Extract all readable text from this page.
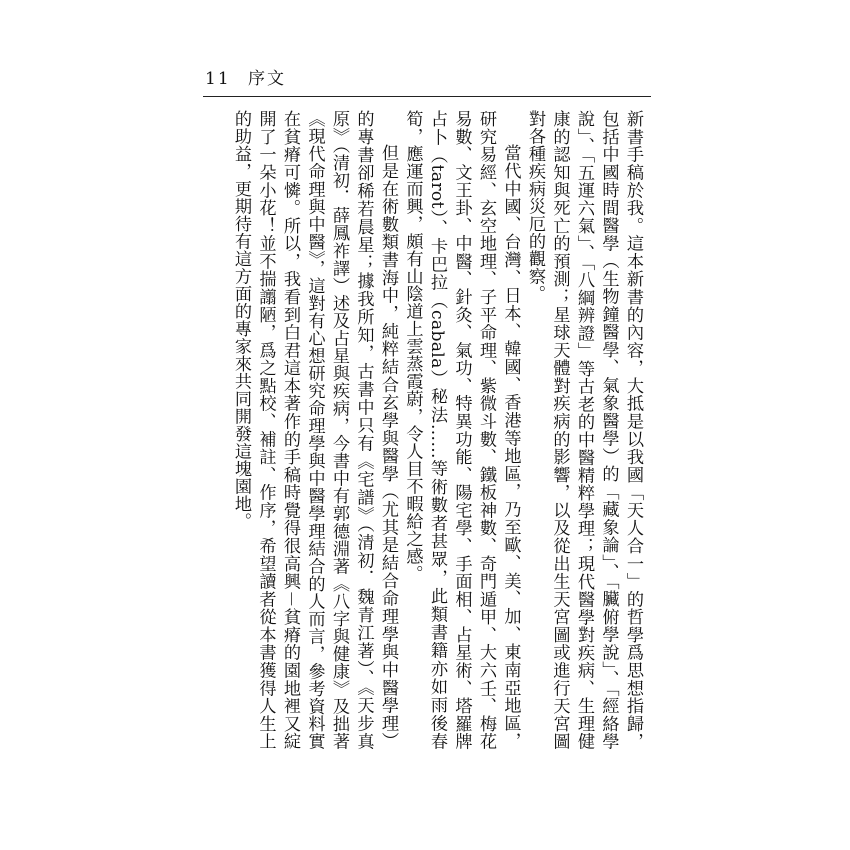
11 序文

新書手稿於我。這本新書的內容，大抵是以我國「天人合一」的哲學爲思想指歸，包括中國時間醫學（生物鐘醫學、氣象醫學）的「藏象論」、「臟俯學說」、「經絡學說」、「五運六氣」、「八綱辨證」等古老的中醫精粹學理；現代醫學對疾病、生理健康的認知與死亡的預測；星球天體對疾病的影響，以及從出生天宮圖或進行天宮圖對各種疾病災厄的觀察。

當代中國、台灣、日本、韓國、香港等地區，乃至歐、美、加、東南亞地區，研究易經、玄空地理、子平命理、紫微斗數、鐵板神數、奇門遁甲、大六壬、梅花易數、文王卦、中醫、針灸、氣功、特異功能、陽宅學、手面相、占星術、塔羅牌占卜（tarot）、卡巴拉（cabala）秘法……等術數者甚眾，此類書籍亦如雨後春筍，應運而興，頗有山陰道上雲蒸霞蔚，令人目不暇給之感。

但是在術數類書海中，純粹結合玄學與醫學（尤其是結合命理學與中醫學理）的專書卻稀若晨星；據我所知，古書中只有《宅譜》（清初．魏青江著）、《天步真原》（清初．薛鳳祚譯）述及占星與疾病，今書中有郭德淵著《八字與健康》及拙著《現代命理與中醫》，這對有心想研究命理學與中醫學理結合的人而言，參考資料實在貧瘠可憐。所以，我看到白君這本著作的手稿時覺得很高興－貧瘠的園地裡又綻開了一朵小花！並不揣譾陋，爲之點校、補註、作序，希望讀者從本書獲得人生上的助益，更期待有這方面的專家來共同開發這塊園地。
